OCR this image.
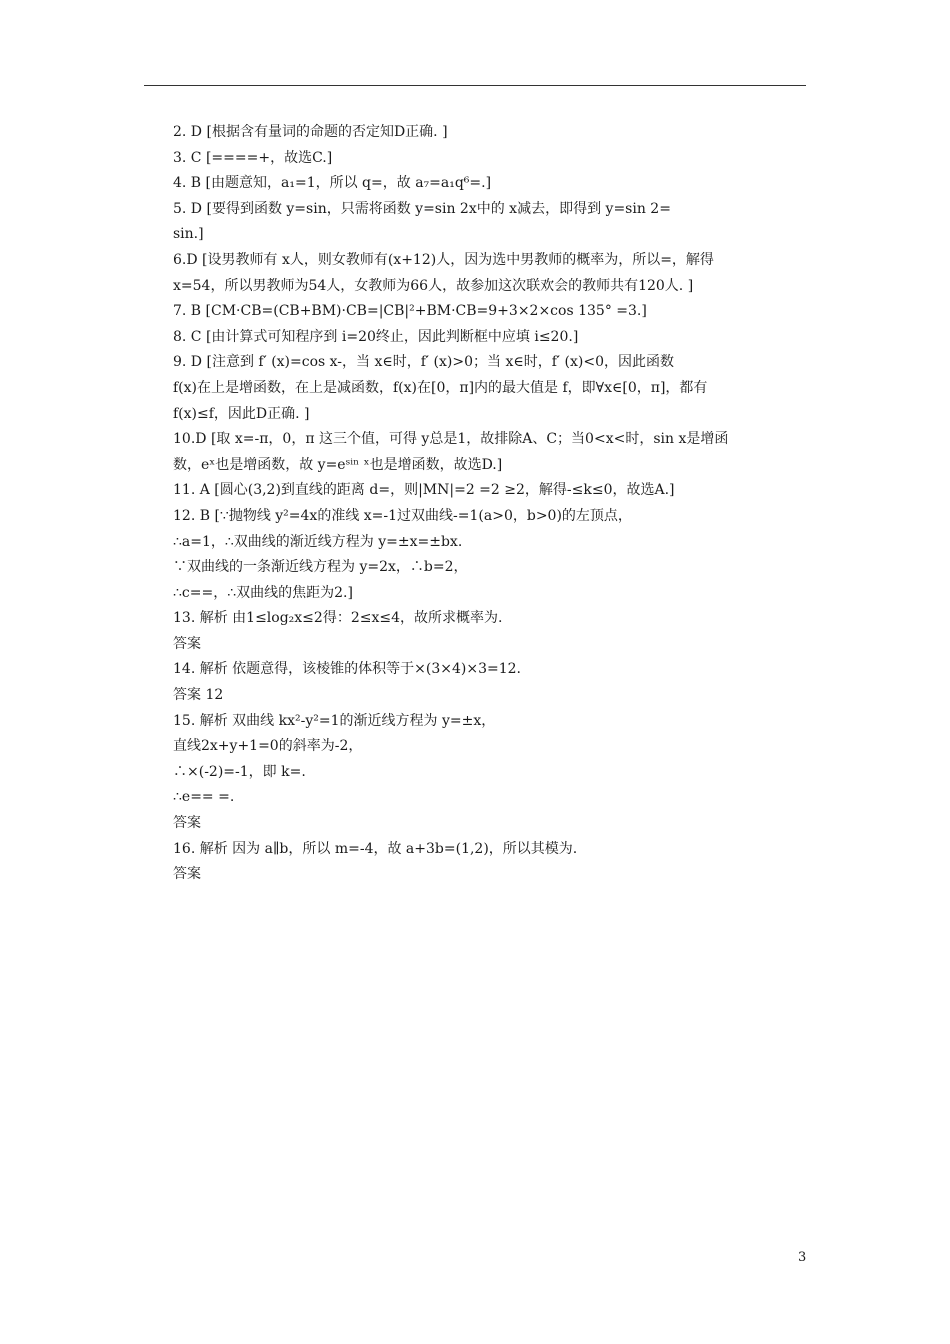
2. D [根据含有量词的命题的否定知D正确. ]
3. C [====+，故选C.]
4. B [由题意知，a₁=1，所以 q=，故 a₇=a₁q⁶=.]
5. D [要得到函数 y=sin，只需将函数 y=sin 2x中的 x减去，即得到 y=sin 2=
sin.]
6.D [设男教师有 x人，则女教师有(x+12)人，因为选中男教师的概率为，所以=，解得
x=54，所以男教师为54人，女教师为66人，故参加这次联欢会的教师共有120人. ]
7. B [CM·CB=(CB+BM)·CB=|CB|²+BM·CB=9+3×2×cos 135° =3.]
8. C [由计算式可知程序到 i=20终止，因此判断框中应填 i≤20.]
9. D [注意到 f′ (x)=cos x-，当 x∈时，f′ (x)>0；当 x∈时，f′ (x)<0，因此函数
f(x)在上是增函数，在上是减函数，f(x)在[0，π]内的最大值是 f，即∀x∈[0，π]，都有
f(x)≤f，因此D正确. ]
10.D [取 x=-π，0，π 这三个值，可得 y总是1，故排除A、C；当0<x<时，sin x是增函
数，eˣ也是增函数，故 y=eˢⁱⁿ ˣ也是增函数，故选D.]
11. A [圆心(3,2)到直线的距离 d=，则|MN|=2 =2 ≥2，解得-≤k≤0，故选A.]
12. B [∵抛物线 y²=4x的准线 x=-1过双曲线-=1(a>0，b>0)的左顶点，
∴a=1，∴双曲线的渐近线方程为 y=±x=±bx.
∵双曲线的一条渐近线方程为 y=2x，∴b=2，
∴c==，∴双曲线的焦距为2.]
13. 解析 由1≤log₂x≤2得：2≤x≤4，故所求概率为.
答案
14. 解析 依题意得，该棱锥的体积等于×(3×4)×3=12.
答案 12
15. 解析 双曲线 kx²-y²=1的渐近线方程为 y=±x，
直线2x+y+1=0的斜率为-2，
∴×(-2)=-1，即 k=.
∴e== =.
答案
16. 解析 因为 a∥b，所以 m=-4，故 a+3b=(1,2)，所以其模为.
答案
3
